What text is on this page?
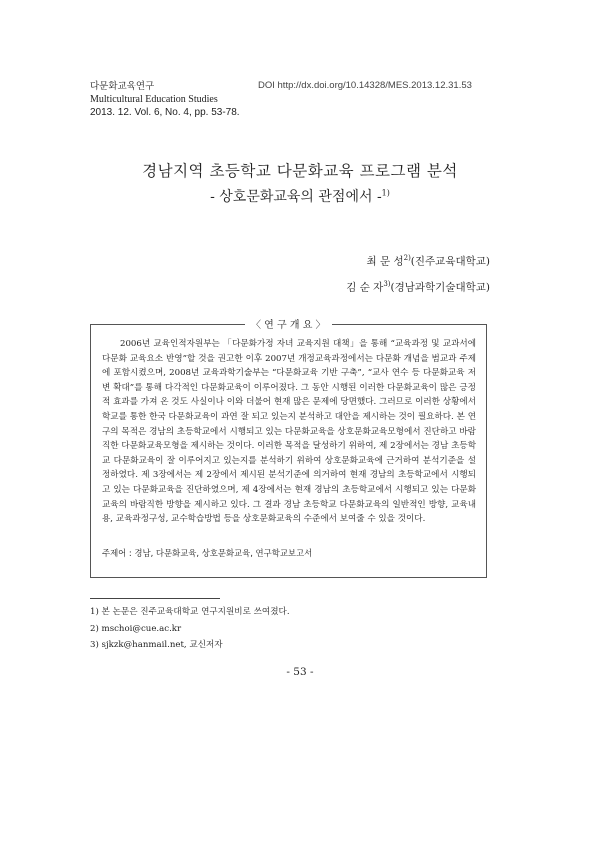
다문화교육연구
Multicultural Education Studies
2013. 12. Vol. 6, No. 4, pp. 53-78.
DOI http://dx.doi.org/10.14328/MES.2013.12.31.53
경남지역 초등학교 다문화교육 프로그램 분석
- 상호문화교육의 관점에서 -$^{1)}$
최 문 성$^{2)}$(진주교육대학교)
김 순 자$^{3)}$(경남과학기술대학교)
〈 연 구 개 요 〉
2006년 교육인적자원부는 「다문화가정 자녀 교육지원 대책」을 통해 “교육과정 및 교과서에 다문화 교육요소 반영”할 것을 권고한 이후 2007년 개정교육과정에서는 다문화 개념을 범교과 주제에 포함시켰으며, 2008년 교육과학기술부는 “다문화교육 기반 구축”, “교사 연수 등 다문화교육 저변 확대”를 통해 다각적인 다문화교육이 이루어졌다. 그 동안 시행된 이러한 다문화교육이 많은 긍정적 효과를 가져 온 것도 사실이나 이와 더불어 현재 많은 문제에 당면했다. 그러므로 이러한 상황에서 학교를 통한 한국 다문화교육이 과연 잘 되고 있는지 분석하고 대안을 제시하는 것이 필요하다. 본 연구의 목적은 경남의 초등학교에서 시행되고 있는 다문화교육을 상호문화교육모형에서 진단하고 바람직한 다문화교육모형을 제시하는 것이다. 이러한 목적을 달성하기 위하여, 제 2장에서는 경남 초등학교 다문화교육이 잘 이루어지고 있는지를 분석하기 위하여 상호문화교육에 근거하여 분석기준을 설정하였다. 제 3장에서는 제 2장에서 제시된 분석기준에 의거하여 현재 경남의 초등학교에서 시행되고 있는 다문화교육을 진단하였으며, 제 4장에서는 현재 경남의 초등학교에서 시행되고 있는 다문화교육의 바람직한 방향을 제시하고 있다. 그 결과 경남 초등학교 다문화교육의 일반적인 방향, 교육내용, 교육과정구성, 교수학습방법 등을 상호문화교육의 수준에서 보여줄 수 있을 것이다.
주제어 : 경남, 다문화교육, 상호문화교육, 연구학교보고서
1) 본 논문은 진주교육대학교 연구지원비로 쓰여졌다.
2) mschoi@cue.ac.kr
3) sjkzk@hanmail.net, 교신저자
- 53 -
